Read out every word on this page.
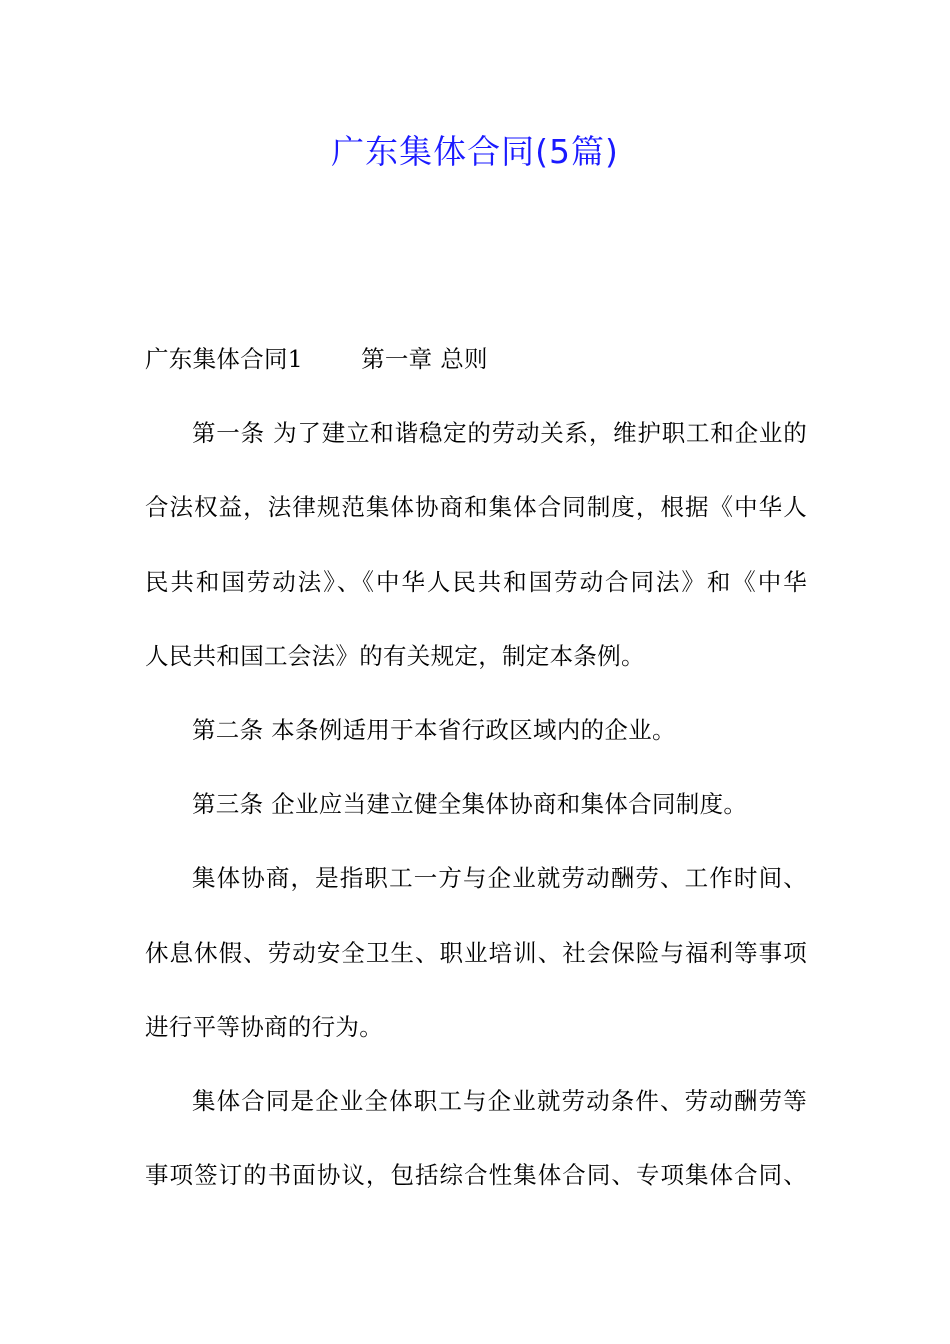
广东集体合同(5篇)
广东集体合同1 第一章 总则
第一条 为了建立和谐稳定的劳动关系，维护职工和企业的
合法权益，法律规范集体协商和集体合同制度，根据《中华人
民共和国劳动法》、《中华人民共和国劳动合同法》和《中华
人民共和国工会法》的有关规定，制定本条例。
第二条 本条例适用于本省行政区域内的企业。
第三条 企业应当建立健全集体协商和集体合同制度。
集体协商，是指职工一方与企业就劳动酬劳、工作时间、
休息休假、劳动安全卫生、职业培训、社会保险与福利等事项
进行平等协商的行为。
集体合同是企业全体职工与企业就劳动条件、劳动酬劳等
事项签订的书面协议，包括综合性集体合同、专项集体合同、
